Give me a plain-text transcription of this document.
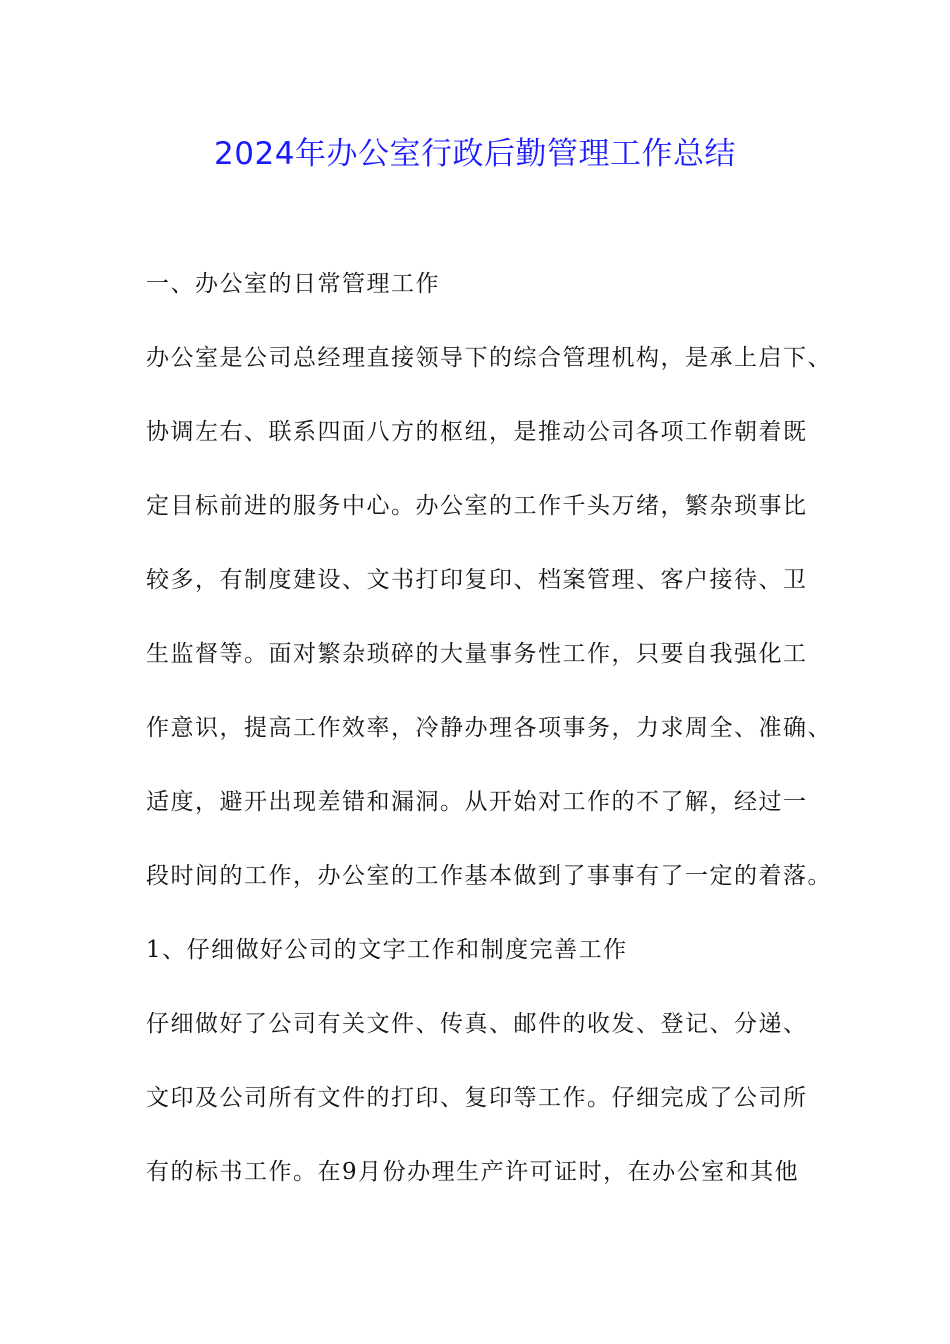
2024年办公室行政后勤管理工作总结
一、办公室的日常管理工作
办公室是公司总经理直接领导下的综合管理机构，是承上启下、
协调左右、联系四面八方的枢纽，是推动公司各项工作朝着既
定目标前进的服务中心。办公室的工作千头万绪，繁杂琐事比
较多，有制度建设、文书打印复印、档案管理、客户接待、卫
生监督等。面对繁杂琐碎的大量事务性工作，只要自我强化工
作意识，提高工作效率，冷静办理各项事务，力求周全、准确、
适度，避开出现差错和漏洞。从开始对工作的不了解，经过一
段时间的工作，办公室的工作基本做到了事事有了一定的着落。
1、仔细做好公司的文字工作和制度完善工作
仔细做好了公司有关文件、传真、邮件的收发、登记、分递、
文印及公司所有文件的打印、复印等工作。仔细完成了公司所
有的标书工作。在9月份办理生产许可证时，在办公室和其他
